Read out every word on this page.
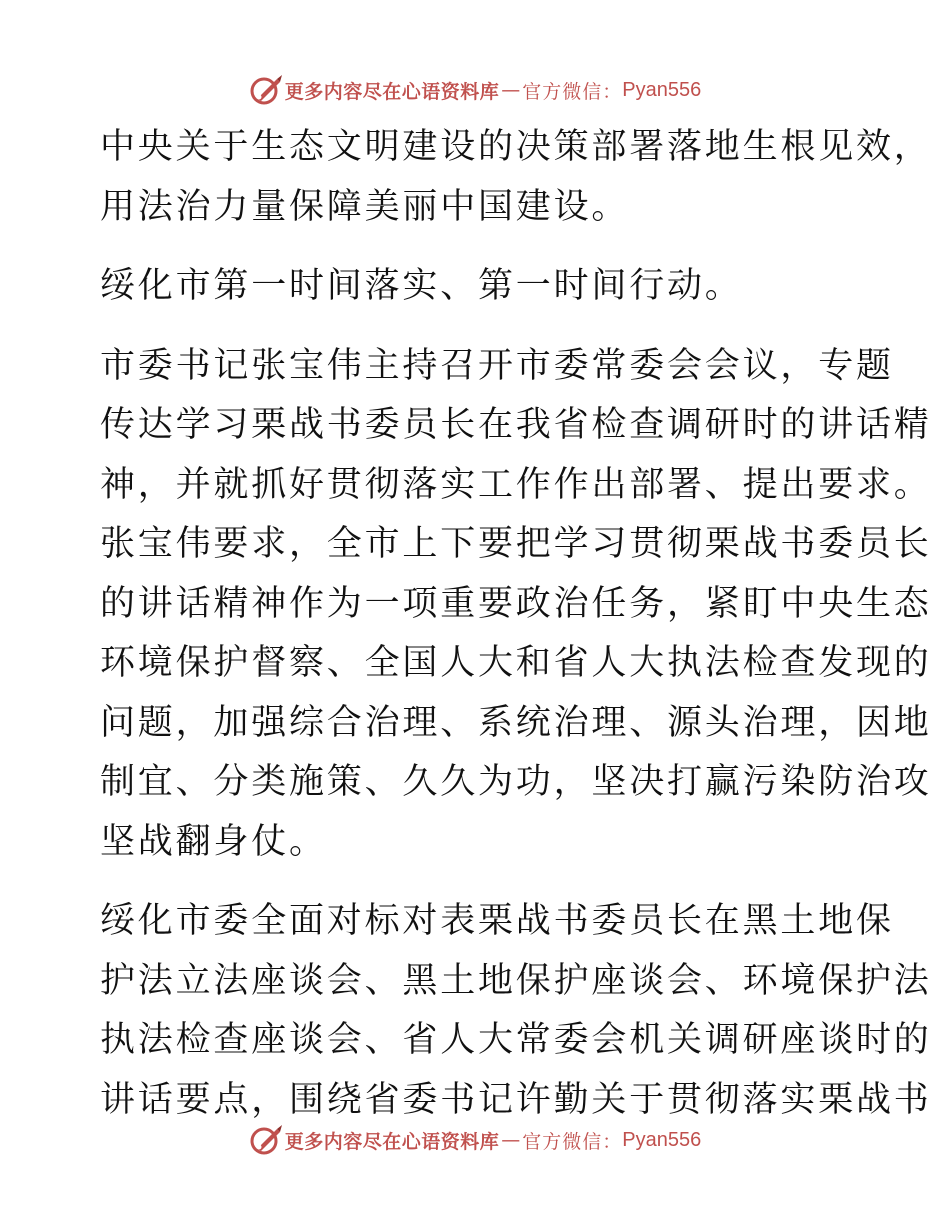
更多内容尽在心语资料库 — 官方微信： Pyan556
中央关于生态文明建设的决策部署落地生根见效，
用法治力量保障美丽中国建设。
绥化市第一时间落实、第一时间行动。
市委书记张宝伟主持召开市委常委会会议，专题
传达学习栗战书委员长在我省检查调研时的讲话精
神，并就抓好贯彻落实工作作出部署、提出要求。
张宝伟要求，全市上下要把学习贯彻栗战书委员长
的讲话精神作为一项重要政治任务，紧盯中央生态
环境保护督察、全国人大和省人大执法检查发现的
问题，加强综合治理、系统治理、源头治理，因地
制宜、分类施策、久久为功，坚决打赢污染防治攻
坚战翻身仗。
绥化市委全面对标对表栗战书委员长在黑土地保
护法立法座谈会、黑土地保护座谈会、环境保护法
执法检查座谈会、省人大常委会机关调研座谈时的
讲话要点，围绕省委书记许勤关于贯彻落实栗战书
更多内容尽在心语资料库 — 官方微信： Pyan556
